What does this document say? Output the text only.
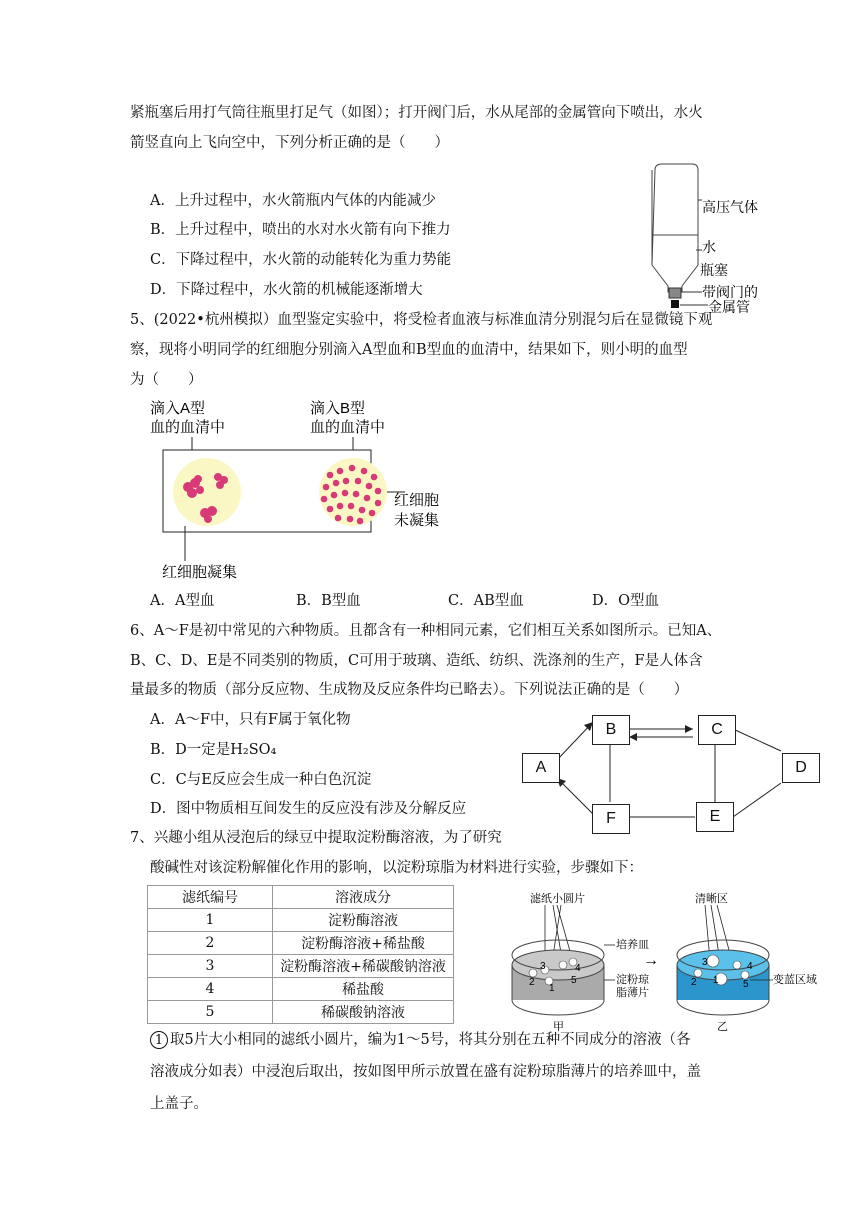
紧瓶塞后用打气筒往瓶里打足气（如图）；打开阀门后，水从尾部的金属管向下喷出，水火
箭竖直向上飞向空中，下列分析正确的是（　　）
A．上升过程中，水火箭瓶内气体的内能减少
B．上升过程中，喷出的水对水火箭有向下推力
C．下降过程中，水火箭的动能转化为重力势能
D．下降过程中，水火箭的机械能逐渐增大
高压气体
水
瓶塞
带阀门的
金属管
5、(2022•杭州模拟）血型鉴定实验中，将受检者血液与标准血清分别混匀后在显微镜下观
察，现将小明同学的红细胞分别滴入A型血和B型血的血清中，结果如下，则小明的血型
为（　　）
滴入A型
血的血清中
滴入B型
血的血清中
红细胞
未凝集
红细胞凝集
A．A型血	B．B型血	C．AB型血	D．O型血
6、A～F是初中常见的六种物质。且都含有一种相同元素，它们相互关系如图所示。已知A、
B、C、D、E是不同类别的物质，C可用于玻璃、造纸、纺织、洗涤剂的生产，F是人体含
量最多的物质（部分反应物、生成物及反应条件均已略去）。下列说法正确的是（　　）
A．A～F中，只有F属于氧化物
B．D一定是H₂SO₄
C．C与E反应会生成一种白色沉淀
D．图中物质相互间发生的反应没有涉及分解反应
A
B	C
D
E
F
7、兴趣小组从浸泡后的绿豆中提取淀粉酶溶液，为了研究
酸碱性对该淀粉解催化作用的影响，以淀粉琼脂为材料进行实验，步骤如下：
滤纸编号	溶液成分
1	淀粉酶溶液
2	淀粉酶溶液+稀盐酸
3	淀粉酶溶液+稀碳酸钠溶液
4	稀盐酸
5	稀碳酸钠溶液
滤纸小圆片
2
3	4
5
1
甲
培养皿
淀粉琼
脂薄片
→
清晰区
2
3	4
5
1	变蓝区域
乙
1 取5片大小相同的滤纸小圆片，编为1～5号，将其分别在五种不同成分的溶液（各
溶液成分如表）中浸泡后取出，按如图甲所示放置在盛有淀粉琼脂薄片的培养皿中，盖
上盖子。
